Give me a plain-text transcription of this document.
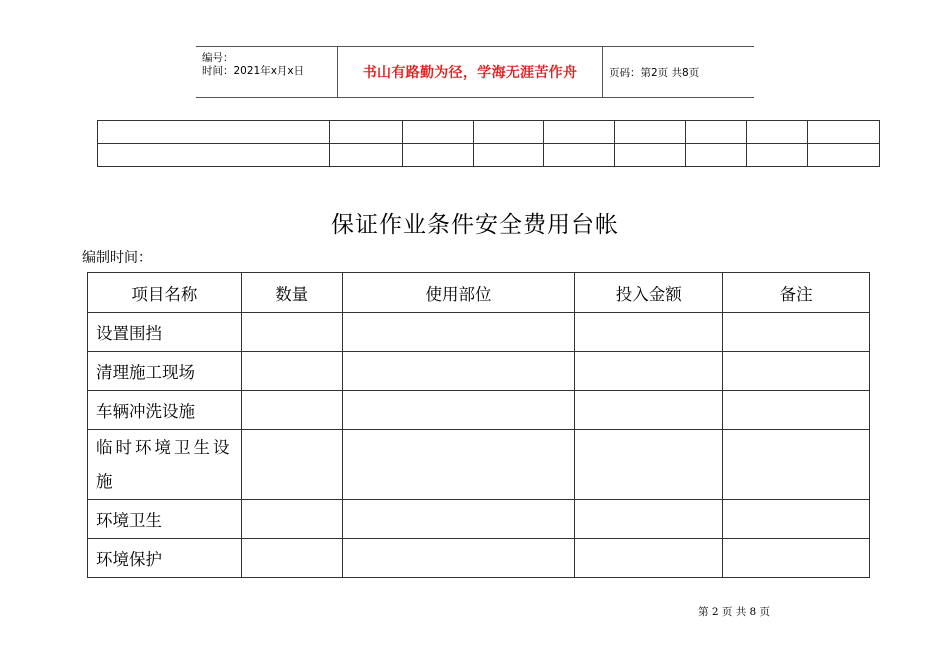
编号：
时间：2021年x月x日	书山有路勤为径，学海无涯苦作舟	页码：第2页 共8页

保证作业条件安全费用台帐
编制时间：
项目名称	数量	使用部位	投入金额	备注
设置围挡				
清理施工现场				
车辆冲洗设施				
临时环境卫生设施				
环境卫生				
环境保护				
第 2 页 共 8 页
